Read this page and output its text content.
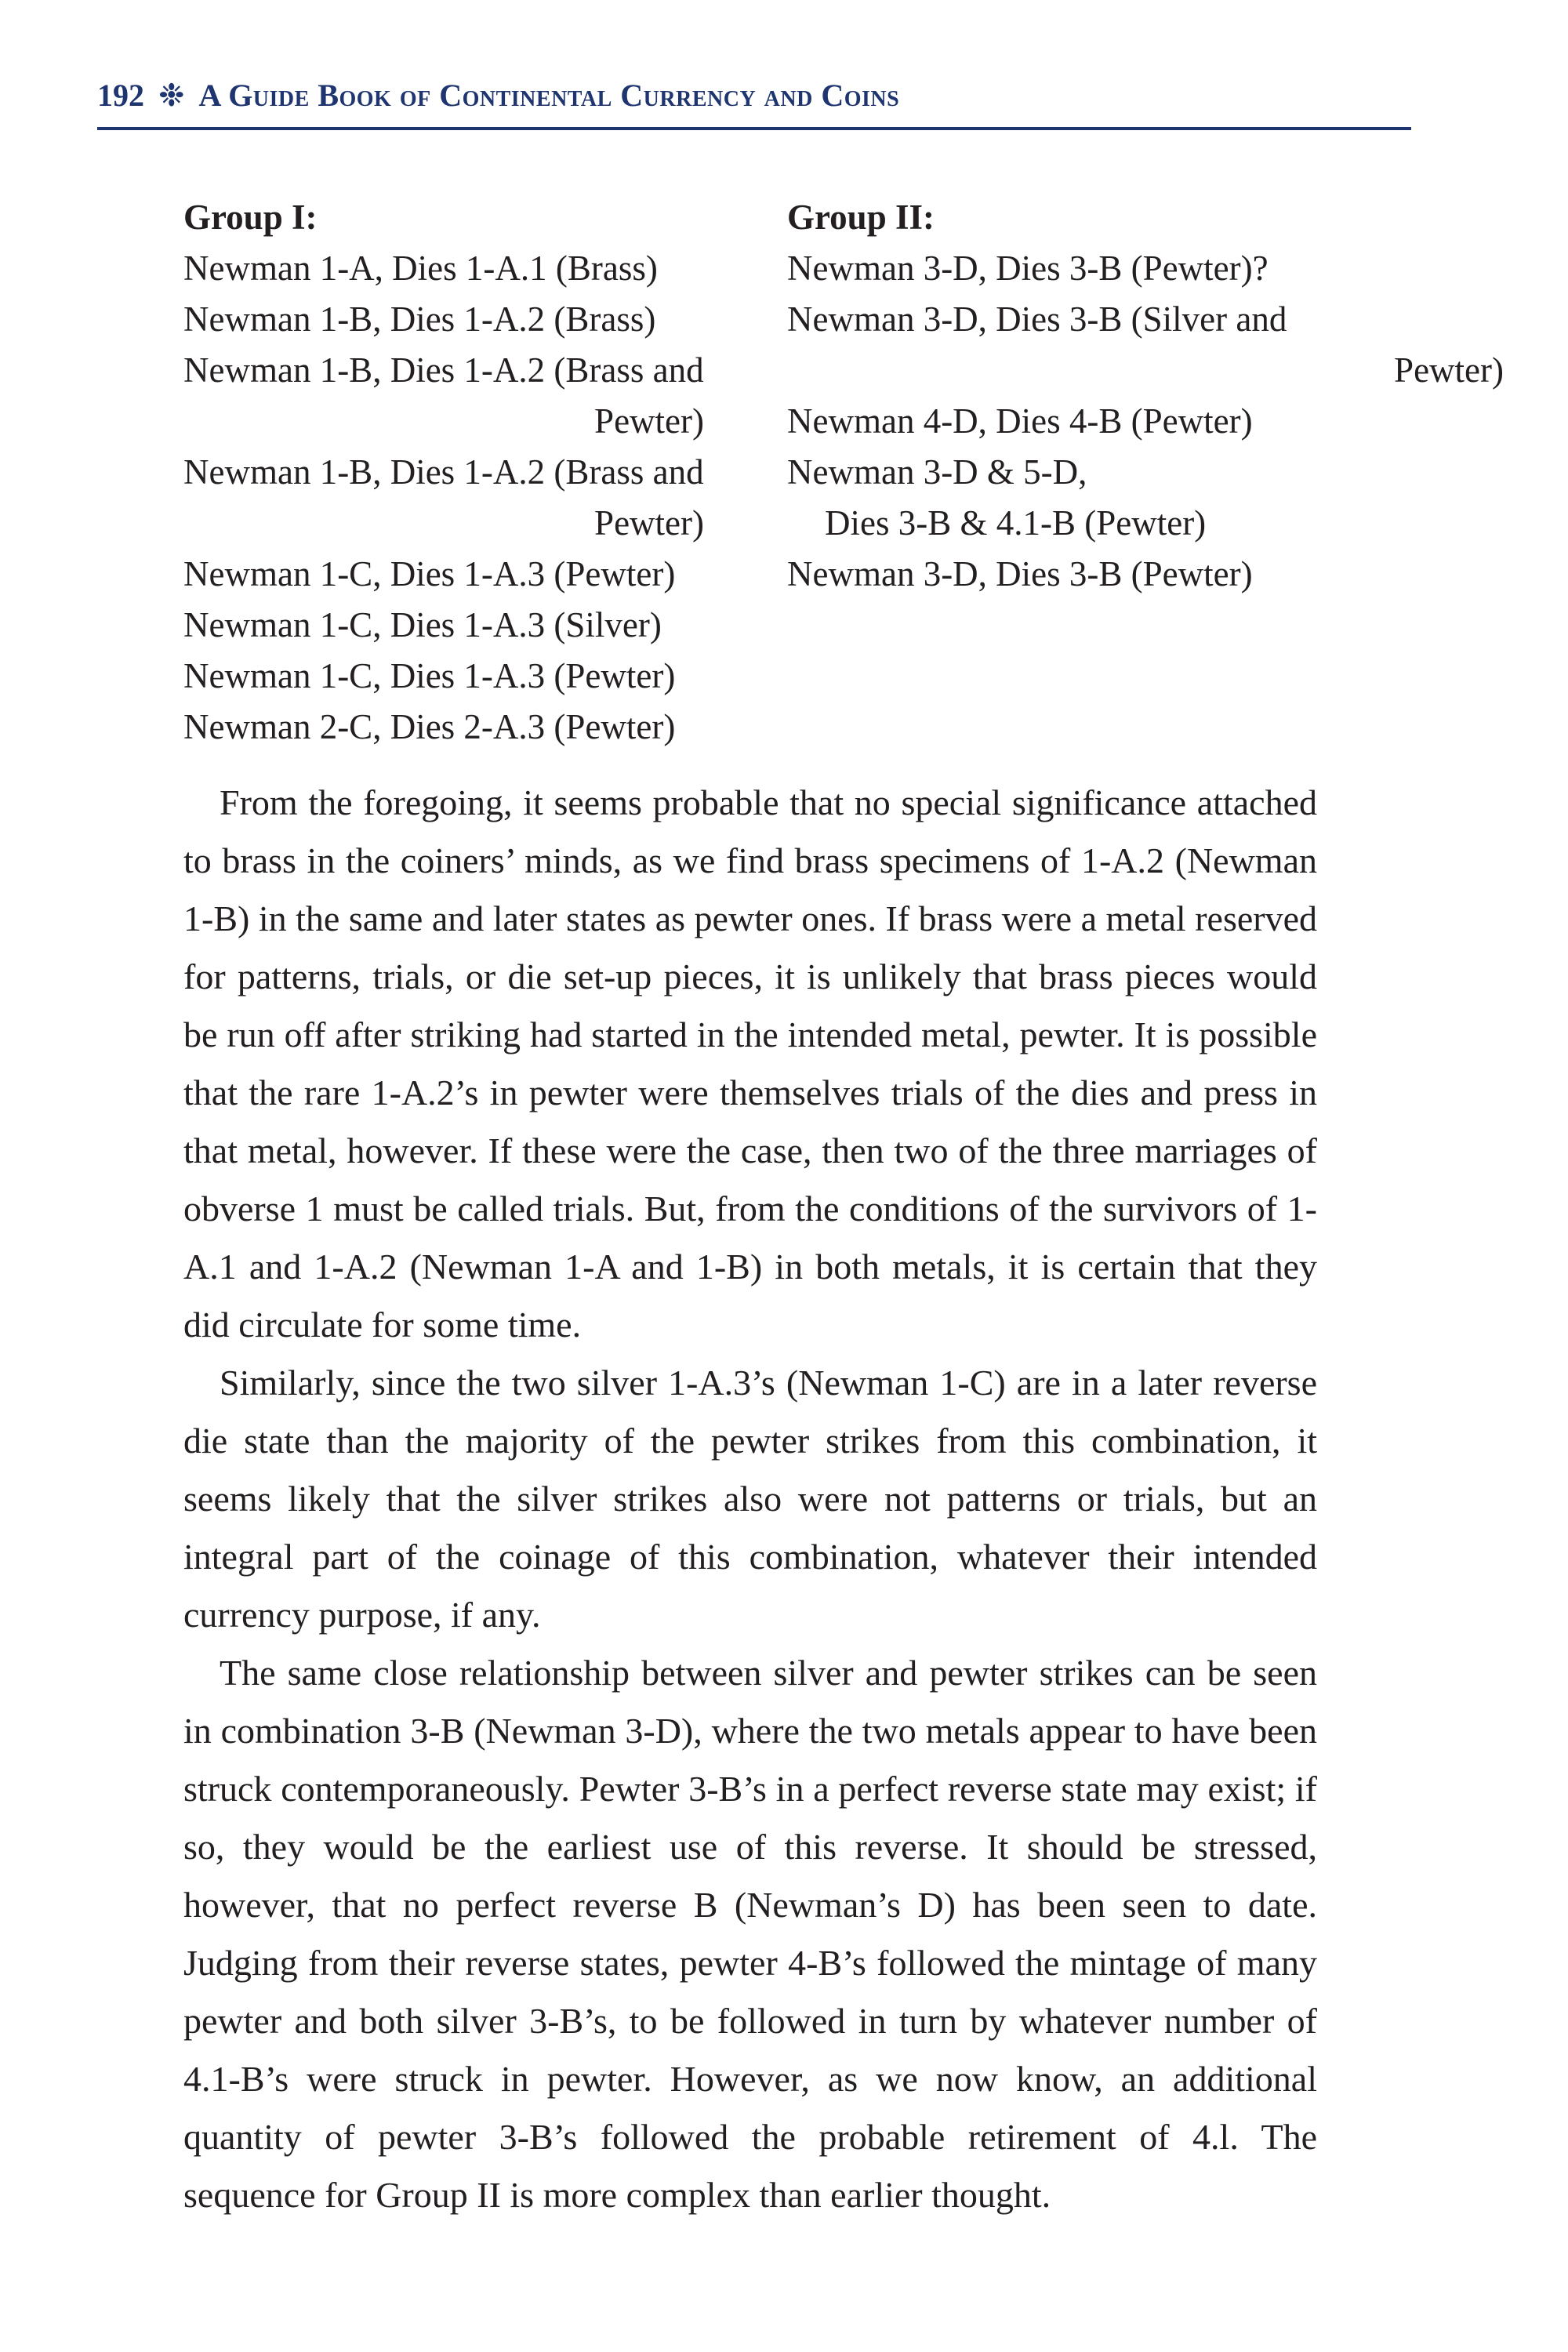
192 ❉ A Guide Book of Continental Currency and Coins
Group I:
Newman 1-A, Dies 1-A.1 (Brass)
Newman 1-B, Dies 1-A.2 (Brass)
Newman 1-B, Dies 1-A.2 (Brass and
Pewter)
Newman 1-B, Dies 1-A.2 (Brass and
Pewter)
Newman 1-C, Dies 1-A.3 (Pewter)
Newman 1-C, Dies 1-A.3 (Silver)
Newman 1-C, Dies 1-A.3 (Pewter)
Newman 2-C, Dies 2-A.3 (Pewter)
Group II:
Newman 3-D, Dies 3-B (Pewter)?
Newman 3-D, Dies 3-B (Silver and
Pewter)
Newman 4-D, Dies 4-B (Pewter)
Newman 3-D & 5-D,
Dies 3-B & 4.1-B (Pewter)
Newman 3-D, Dies 3-B (Pewter)

From the foregoing, it seems probable that no special significance attached to brass in the coiners’ minds, as we find brass specimens of 1-A.2 (Newman 1-B) in the same and later states as pewter ones. If brass were a metal reserved for patterns, trials, or die set-up pieces, it is unlikely that brass pieces would be run off after striking had started in the intended metal, pewter. It is possible that the rare 1-A.2’s in pewter were themselves trials of the dies and press in that metal, however. If these were the case, then two of the three marriages of obverse 1 must be called trials. But, from the conditions of the survivors of 1-A.1 and 1-A.2 (Newman 1-A and 1-B) in both metals, it is certain that they did circulate for some time.

Similarly, since the two silver 1-A.3’s (Newman 1-C) are in a later reverse die state than the majority of the pewter strikes from this combination, it seems likely that the silver strikes also were not patterns or trials, but an integral part of the coinage of this combination, whatever their intended currency purpose, if any.

The same close relationship between silver and pewter strikes can be seen in combination 3-B (Newman 3-D), where the two metals appear to have been struck contemporaneously. Pewter 3-B’s in a perfect reverse state may exist; if so, they would be the earliest use of this reverse. It should be stressed, however, that no perfect reverse B (Newman’s D) has been seen to date. Judging from their reverse states, pewter 4-B’s followed the mintage of many pewter and both silver 3-B’s, to be followed in turn by whatever number of 4.1-B’s were struck in pewter. However, as we now know, an additional quantity of pewter 3-B’s followed the probable retirement of 4.l. The sequence for Group II is more complex than earlier thought.
